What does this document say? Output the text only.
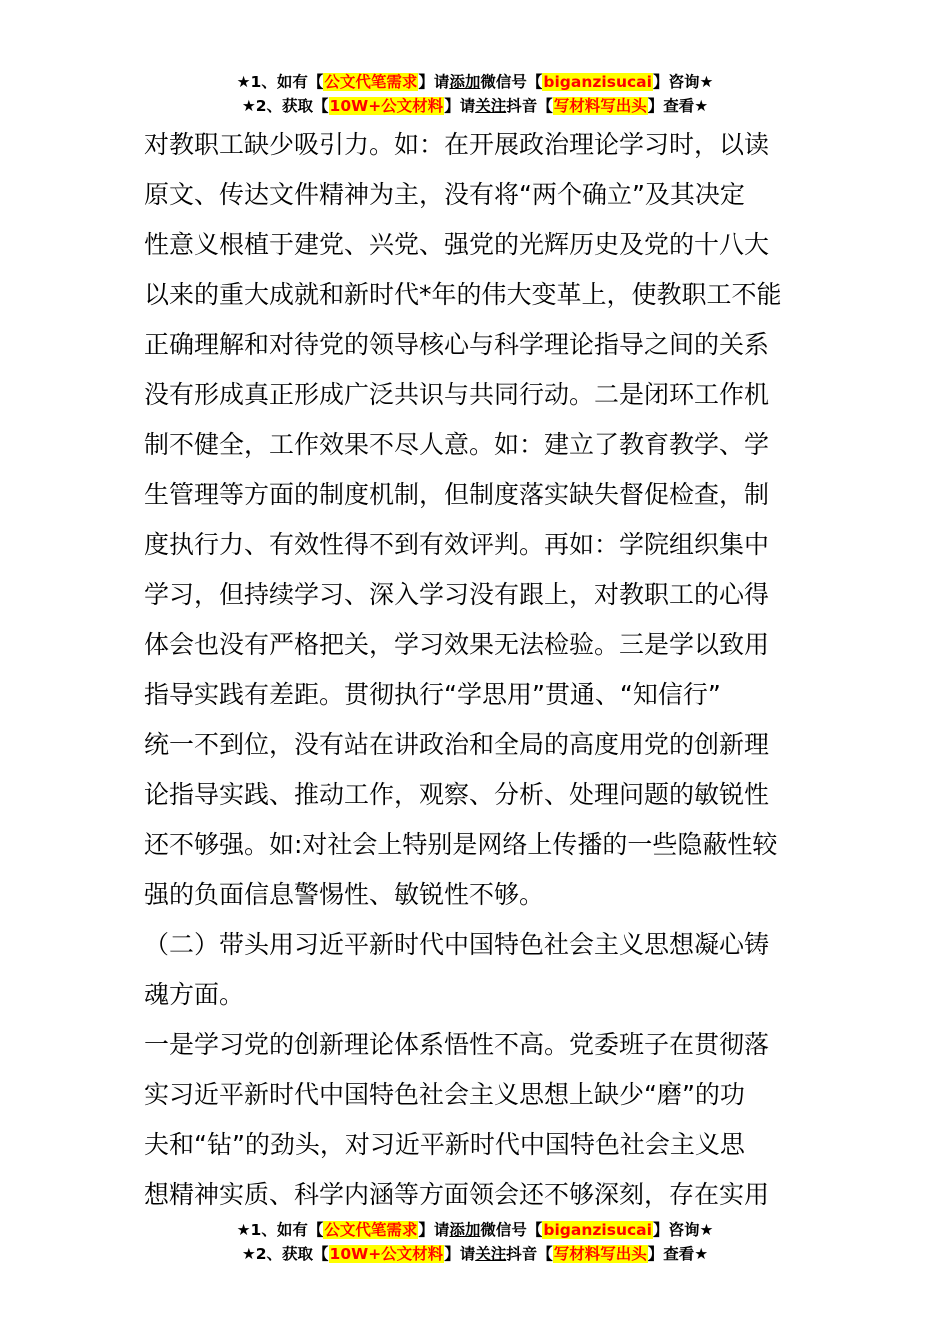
★1、如有【公文代笔需求】请添加微信号【biganzisucai】咨询★
★2、获取【10W+公文材料】请关注抖音【写材料写出头】查看★
对教职工缺少吸引力。如：在开展政治理论学习时，以读
原文、传达文件精神为主，没有将“两个确立”及其决定
性意义根植于建党、兴党、强党的光辉历史及党的十八大
以来的重大成就和新时代*年的伟大变革上，使教职工不能
正确理解和对待党的领导核心与科学理论指导之间的关系
没有形成真正形成广泛共识与共同行动。二是闭环工作机
制不健全，工作效果不尽人意。如：建立了教育教学、学
生管理等方面的制度机制，但制度落实缺失督促检查，制
度执行力、有效性得不到有效评判。再如：学院组织集中
学习，但持续学习、深入学习没有跟上，对教职工的心得
体会也没有严格把关，学习效果无法检验。三是学以致用
指导实践有差距。贯彻执行“学思用”贯通、“知信行”
统一不到位，没有站在讲政治和全局的高度用党的创新理
论指导实践、推动工作，观察、分析、处理问题的敏锐性
还不够强。如:对社会上特别是网络上传播的一些隐蔽性较
强的负面信息警惕性、敏锐性不够。
（二）带头用习近平新时代中国特色社会主义思想凝心铸
魂方面。
一是学习党的创新理论体系悟性不高。党委班子在贯彻落
实习近平新时代中国特色社会主义思想上缺少“磨”的功
夫和“钻”的劲头，对习近平新时代中国特色社会主义思
想精神实质、科学内涵等方面领会还不够深刻，存在实用
★1、如有【公文代笔需求】请添加微信号【biganzisucai】咨询★
★2、获取【10W+公文材料】请关注抖音【写材料写出头】查看★
